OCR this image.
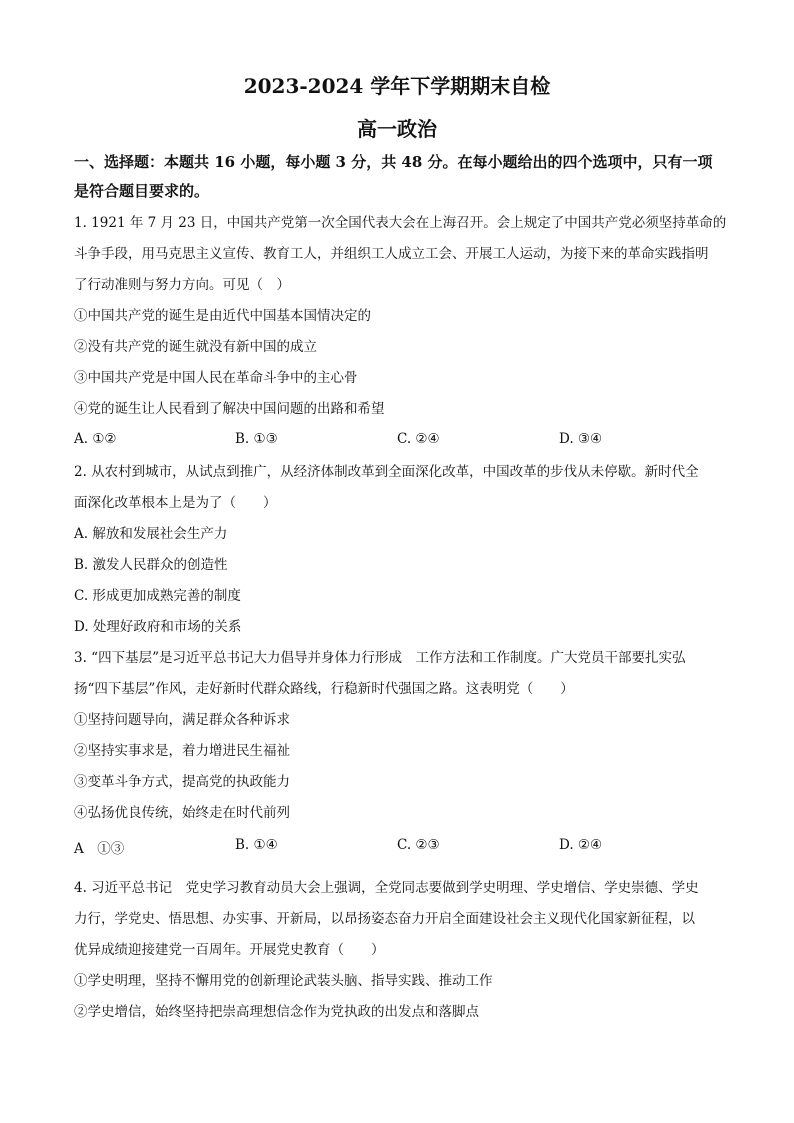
2023-2024 学年下学期期末自检
高一政治
一、选择题：本题共 16 小题，每小题 3 分，共 48 分。在每小题给出的四个选项中，只有一项
是符合题目要求的。
1. 1921 年 7 月 23 日，中国共产党第一次全国代表大会在上海召开。会上规定了中国共产党必须坚持革命的
斗争手段，用马克思主义宣传、教育工人，并组织工人成立工会、开展工人运动，为接下来的革命实践指明
了行动准则与努力方向。可见（　）
①中国共产党的诞生是由近代中国基本国情决定的
②没有共产党的诞生就没有新中国的成立
③中国共产党是中国人民在革命斗争中的主心骨
④党的诞生让人民看到了解决中国问题的出路和希望
A. ①②	B. ①③	C. ②④	D. ③④
2. 从农村到城市，从试点到推广，从经济体制改革到全面深化改革，中国改革的步伐从未停歇。新时代全
面深化改革根本上是为了（　　）
A. 解放和发展社会生产力
B. 激发人民群众的创造性
C. 形成更加成熟完善的制度
D. 处理好政府和市场的关系
3. “四下基层”是习近平总书记大力倡导并身体力行形成　工作方法和工作制度。广大党员干部要扎实弘
扬“四下基层”作风，走好新时代群众路线，行稳新时代强国之路。这表明党（　　）
①坚持问题导向，满足群众各种诉求
②坚持实事求是，着力增进民生福祉
③变革斗争方式，提高党的执政能力
④弘扬优良传统，始终走在时代前列
A　①③	B. ①④	C. ②③	D. ②④
4. 习近平总书记　党史学习教育动员大会上强调，全党同志要做到学史明理、学史增信、学史崇德、学史
力行，学党史、悟思想、办实事、开新局，以昂扬姿态奋力开启全面建设社会主义现代化国家新征程，以
优异成绩迎接建党一百周年。开展党史教育（　　）
①学史明理，坚持不懈用党的创新理论武装头脑、指导实践、推动工作
②学史增信，始终坚持把崇高理想信念作为党执政的出发点和落脚点
